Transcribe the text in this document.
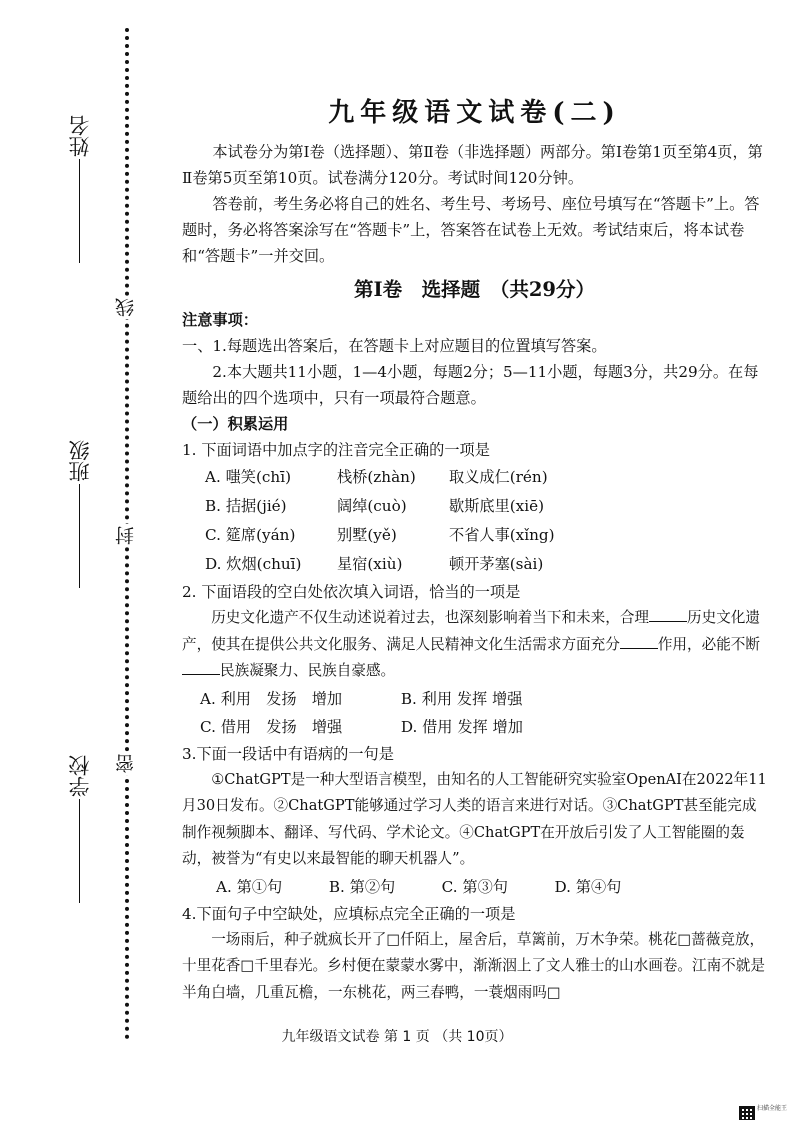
姓名
班级
学校
线
封
密
九年级语文试卷(二)

本试卷分为第Ⅰ卷（选择题）、第Ⅱ卷（非选择题）两部分。第Ⅰ卷第1页至第4页，第Ⅱ卷第5页至第10页。试卷满分120分。考试时间120分钟。

答卷前，考生务必将自己的姓名、考生号、考场号、座位号填写在“答题卡”上。答题时，务必将答案涂写在“答题卡”上，答案答在试卷上无效。考试结束后，将本试卷和“答题卡”一并交回。

第Ⅰ卷　选择题　（共29分）

注意事项：

一、1.每题选出答案后，在答题卡上对应题目的位置填写答案。

2.本大题共11小题，1—4小题，每题2分；5—11小题，每题3分，共29分。在每题给出的四个选项中，只有一项最符合题意。

（一）积累运用

1. 下面词语中加点字的注音完全正确的一项是

A. 嗤笑(chī)	栈桥(zhàn)	取义成仁(rén)
B. 拮据(jié)	阔绰(cuò)	歇斯底里(xiē)
C. 筵席(yán)	别墅(yě)	不省人事(xǐng)
D. 炊烟(chuī)	星宿(xiù)	顿开茅塞(sài)

2. 下面语段的空白处依次填入词语，恰当的一项是

历史文化遗产不仅生动述说着过去，也深刻影响着当下和未来，合理	历史文化遗产，使其在提供公共文化服务、满足人民精神文化生活需求方面充分	作用，必能不断民族凝聚力、民族自豪感。

A. 利用　发扬　增加	B. 利用 发挥 增强
C. 借用　发扬　增强	D. 借用 发挥 增加

3.下面一段话中有语病的一句是

①ChatGPT是一种大型语言模型，由知名的人工智能研究实验室OpenAI在2022年11月30日发布。②ChatGPT能够通过学习人类的语言来进行对话。③ChatGPT甚至能完成制作视频脚本、翻译、写代码、学术论文。④ChatGPT在开放后引发了人工智能圈的轰动，被誉为“有史以来最智能的聊天机器人”。

A. 第①句	B. 第②句	C. 第③句	D. 第④句

4.下面句子中空缺处，应填标点完全正确的一项是

一场雨后，种子就疯长开了□仟陌上，屋舍后，草篱前，万木争荣。桃花□蔷薇竞放，十里花香□千里春光。乡村便在蒙蒙水雾中，渐渐洇上了文人雅士的山水画卷。江南不就是半角白墙，几重瓦檐，一东桃花，两三春鸭，一蓑烟雨吗□

九年级语文试卷 第 1 页 （共 10页）
扫描全能王
